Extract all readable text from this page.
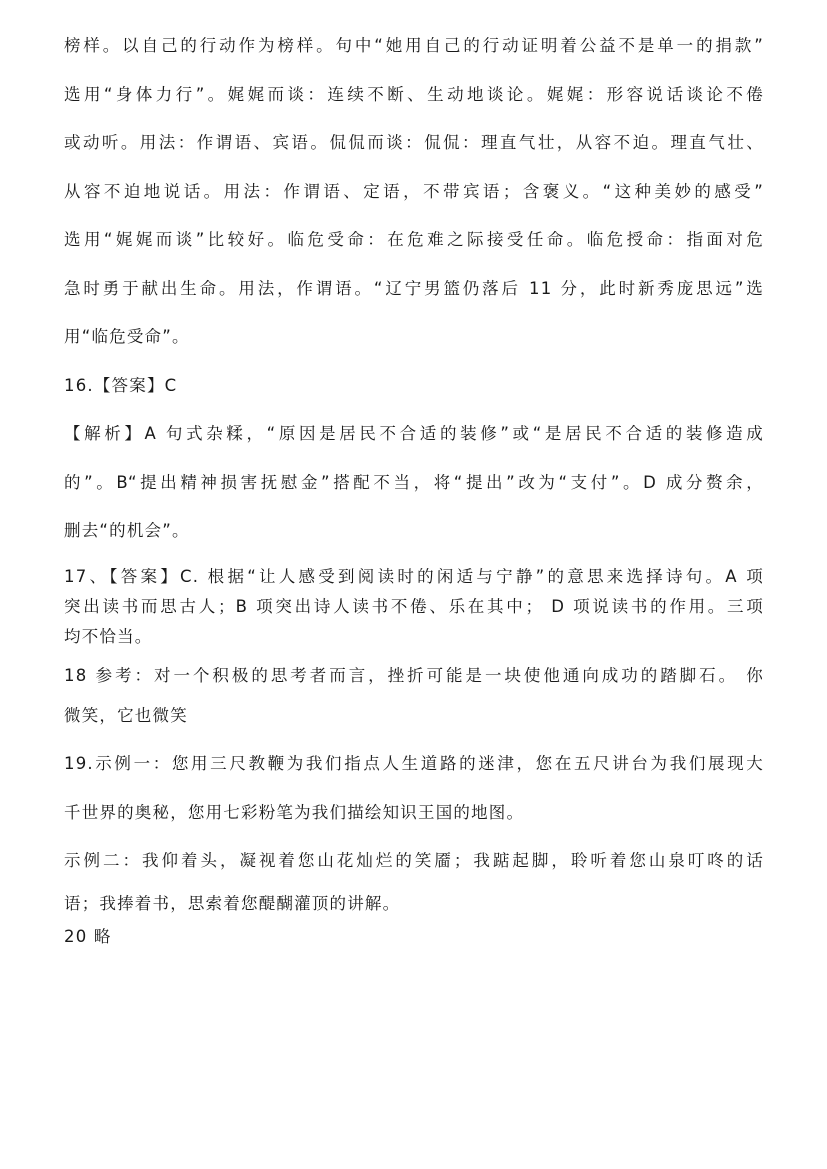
榜样。以自己的行动作为榜样。句中“她用自己的行动证明着公益不是单一的捐款”

选用“身体力行”。娓娓而谈：连续不断、生动地谈论。娓娓：形容说话谈论不倦

或动听。用法：作谓语、宾语。侃侃而谈：侃侃：理直气壮，从容不迫。理直气壮、

从容不迫地说话。用法：作谓语、定语，不带宾语；含褒义。“这种美妙的感受”

选用“娓娓而谈”比较好。临危受命：在危难之际接受任命。临危授命：指面对危

急时勇于献出生命。用法，作谓语。“辽宁男篮仍落后 11 分，此时新秀庞思远”选

用“临危受命”。

16.【答案】C

【解析】A 句式杂糅，“原因是居民不合适的装修”或“是居民不合适的装修造成

的”。B“提出精神损害抚慰金”搭配不当，将“提出”改为“支付”。D 成分赘余，

删去“的机会”。

17、【答案】C. 根据“让人感受到阅读时的闲适与宁静”的意思来选择诗句。A 项

突出读书而思古人；B 项突出诗人读书不倦、乐在其中； D 项说读书的作用。三项

均不恰当。

18 参考：对一个积极的思考者而言，挫折可能是一块使他通向成功的踏脚石。 你

微笑，它也微笑

19.示例一：您用三尺教鞭为我们指点人生道路的迷津，您在五尺讲台为我们展现大

千世界的奥秘，您用七彩粉笔为我们描绘知识王国的地图。

示例二：我仰着头，凝视着您山花灿烂的笑靥；我踮起脚，聆听着您山泉叮咚的话

语；我捧着书，思索着您醍醐灌顶的讲解。

20 略
